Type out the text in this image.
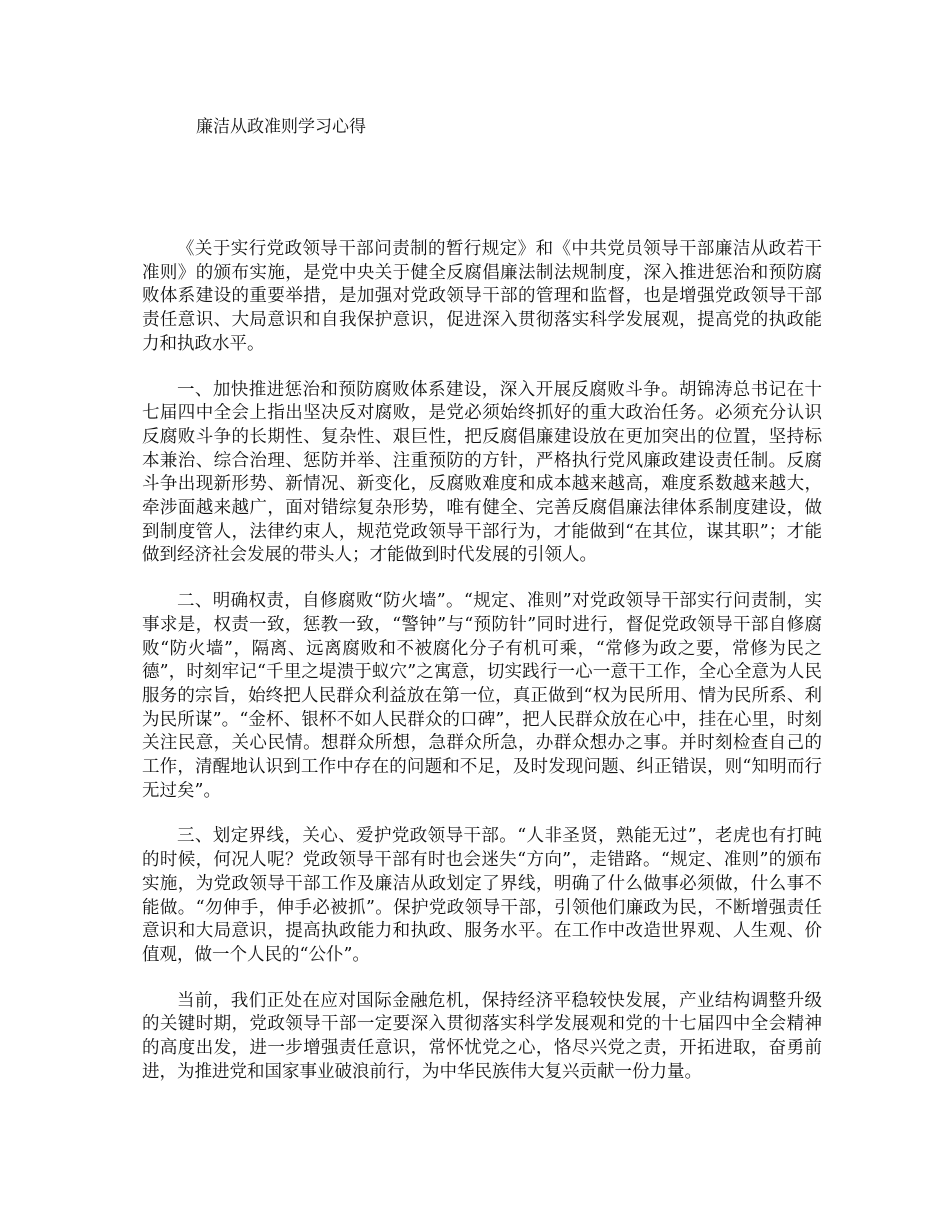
廉洁从政准则学习心得

《关于实行党政领导干部问责制的暂行规定》和《中共党员领导干部廉洁从政若干准则》的颁布实施，是党中央关于健全反腐倡廉法制法规制度，深入推进惩治和预防腐败体系建设的重要举措，是加强对党政领导干部的管理和监督，也是增强党政领导干部责任意识、大局意识和自我保护意识，促进深入贯彻落实科学发展观，提高党的执政能力和执政水平。

一、加快推进惩治和预防腐败体系建设，深入开展反腐败斗争。胡锦涛总书记在十七届四中全会上指出坚决反对腐败，是党必须始终抓好的重大政治任务。必须充分认识反腐败斗争的长期性、复杂性、艰巨性，把反腐倡廉建设放在更加突出的位置，坚持标本兼治、综合治理、惩防并举、注重预防的方针，严格执行党风廉政建设责任制。反腐斗争出现新形势、新情况、新变化，反腐败难度和成本越来越高，难度系数越来越大，牵涉面越来越广，面对错综复杂形势，唯有健全、完善反腐倡廉法律体系制度建设，做到制度管人，法律约束人，规范党政领导干部行为，才能做到“在其位，谋其职”；才能做到经济社会发展的带头人；才能做到时代发展的引领人。

二、明确权责，自修腐败“防火墙”。“规定、准则”对党政领导干部实行问责制，实事求是，权责一致，惩教一致，“警钟”与“预防针”同时进行，督促党政领导干部自修腐败“防火墙”，隔离、远离腐败和不被腐化分子有机可乘，“常修为政之要，常修为民之德”，时刻牢记“千里之堤溃于蚁穴”之寓意，切实践行一心一意干工作，全心全意为人民服务的宗旨，始终把人民群众利益放在第一位，真正做到“权为民所用、情为民所系、利为民所谋”。“金杯、银杯不如人民群众的口碑”，把人民群众放在心中，挂在心里，时刻关注民意，关心民情。想群众所想，急群众所急，办群众想办之事。并时刻检查自己的工作，清醒地认识到工作中存在的问题和不足，及时发现问题、纠正错误，则“知明而行无过矣”。

三、划定界线，关心、爱护党政领导干部。“人非圣贤，熟能无过”，老虎也有打盹的时候，何况人呢？党政领导干部有时也会迷失“方向”，走错路。“规定、准则”的颁布实施，为党政领导干部工作及廉洁从政划定了界线，明确了什么做事必须做，什么事不能做。“勿伸手，伸手必被抓”。保护党政领导干部，引领他们廉政为民，不断增强责任意识和大局意识，提高执政能力和执政、服务水平。在工作中改造世界观、人生观、价值观，做一个人民的“公仆”。

当前，我们正处在应对国际金融危机，保持经济平稳较快发展，产业结构调整升级的关键时期，党政领导干部一定要深入贯彻落实科学发展观和党的十七届四中全会精神的高度出发，进一步增强责任意识，常怀忧党之心，恪尽兴党之责，开拓进取，奋勇前进，为推进党和国家事业破浪前行，为中华民族伟大复兴贡献一份力量。
